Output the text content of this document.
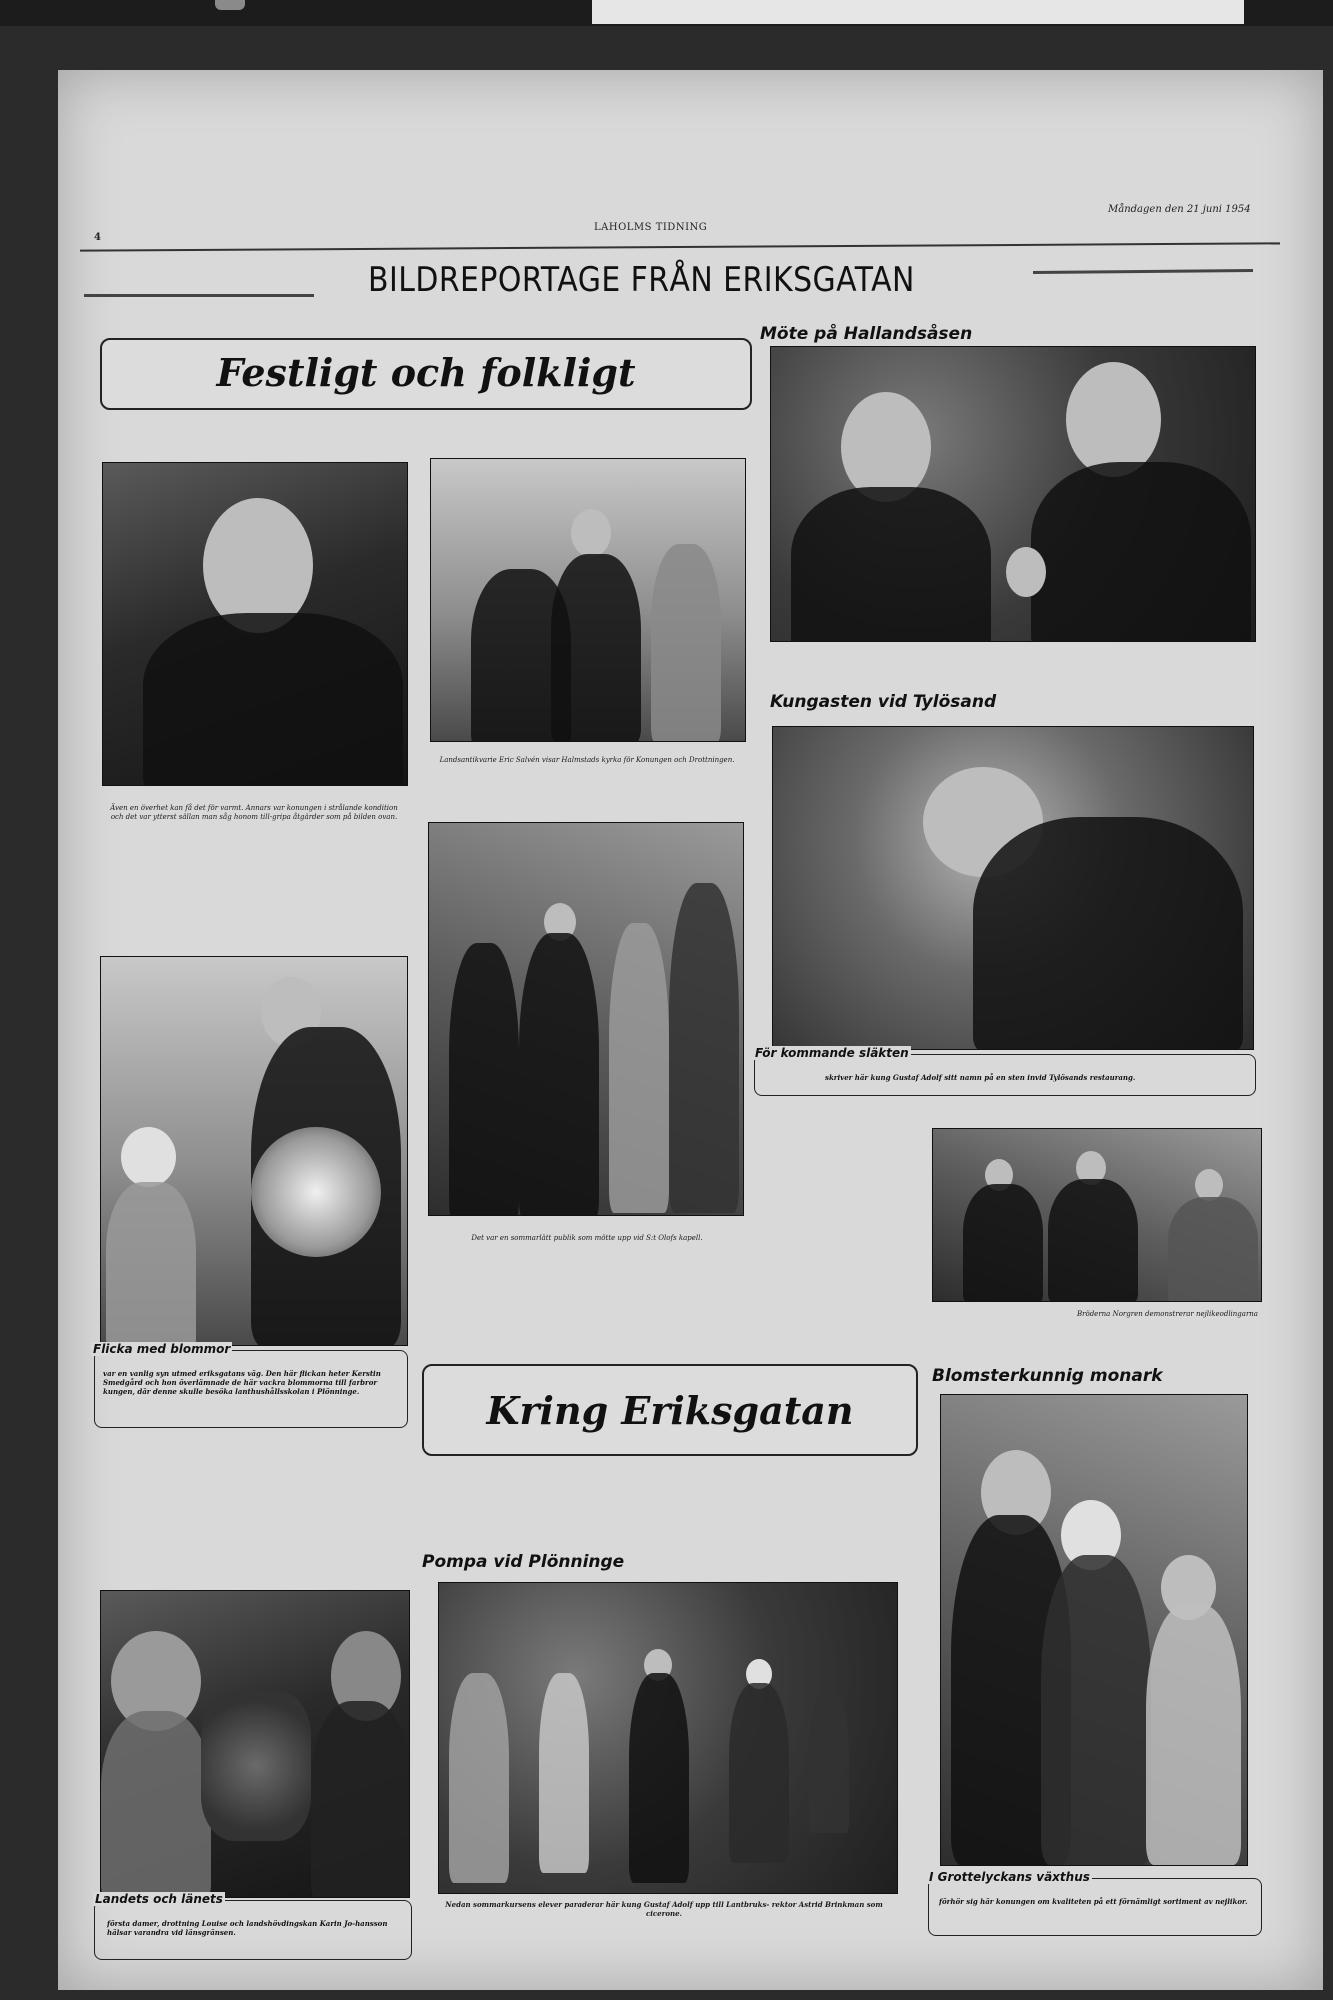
4
LAHOLMS TIDNING
Måndagen den 21 juni 1954
BILDREPORTAGE FRÅN ERIKSGATAN
Festligt och folkligt
Möte på Hallandsåsen
Även en överhet kan få det för varmt. Annars var konungen i strålande kondition och det var ytterst sällan man såg honom till-gripa åtgärder som på bilden ovan.
Landsantikvarie Eric Salvén visar Halmstads kyrka för Konungen och Drottningen.
Kungasten vid Tylösand
För kommande släkten
skriver här kung Gustaf Adolf sitt namn på en sten invid Tylösands restaurang.
Det var en sommarlätt publik som mötte upp vid S:t Olofs kapell.
Flicka med blommor
var en vanlig syn utmed eriksgatans väg. Den här flickan heter Kerstin Smedgård och hon överlämnade de här vackra blommorna till farbror kungen, där denne skulle besöka lanthushållsskolan i Plönninge.	Kring Eriksgatan
Bröderna Norgren demonstrerar nejlikeodlingarna
Blomsterkunnig monark
I Grottelyckans växthus
förhör sig här konungen om kvaliteten på ett förnämligt sortiment av nejlikor.
Pompa vid Plönninge
Nedan sommarkursens elever paraderar här kung Gustaf Adolf upp till Lantbruks- rektor Astrid Brinkman som cicerone.
Landets och länets
första damer, drottning Louise och landshövdingskan Karin Jo-hansson hälsar varandra vid länsgränsen.
